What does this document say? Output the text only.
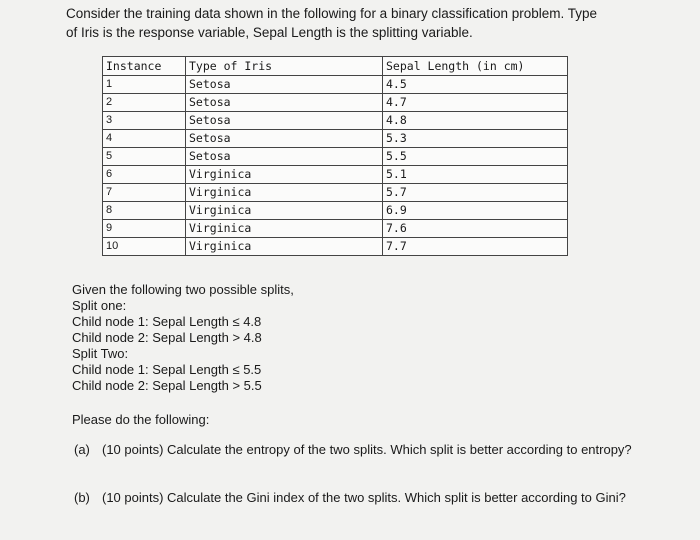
Consider the training data shown in the following for a binary classification problem. Type
of Iris is the response variable, Sepal Length is the splitting variable.
Instance	Type of Iris	Sepal Length (in cm)
1	Setosa	4.5
2	Setosa	4.7
3	Setosa	4.8
4	Setosa	5.3
5	Setosa	5.5
6	Virginica	5.1
7	Virginica	5.7
8	Virginica	6.9
9	Virginica	7.6
10	Virginica	7.7
Given the following two possible splits,
Split one:
Child node 1: Sepal Length ≤ 4.8
Child node 2: Sepal Length > 4.8
Split Two:
Child node 1: Sepal Length ≤ 5.5
Child node 2: Sepal Length > 5.5
Please do the following:
(a) (10 points) Calculate the entropy of the two splits. Which split is better according to entropy?
(b) (10 points) Calculate the Gini index of the two splits. Which split is better according to Gini?
